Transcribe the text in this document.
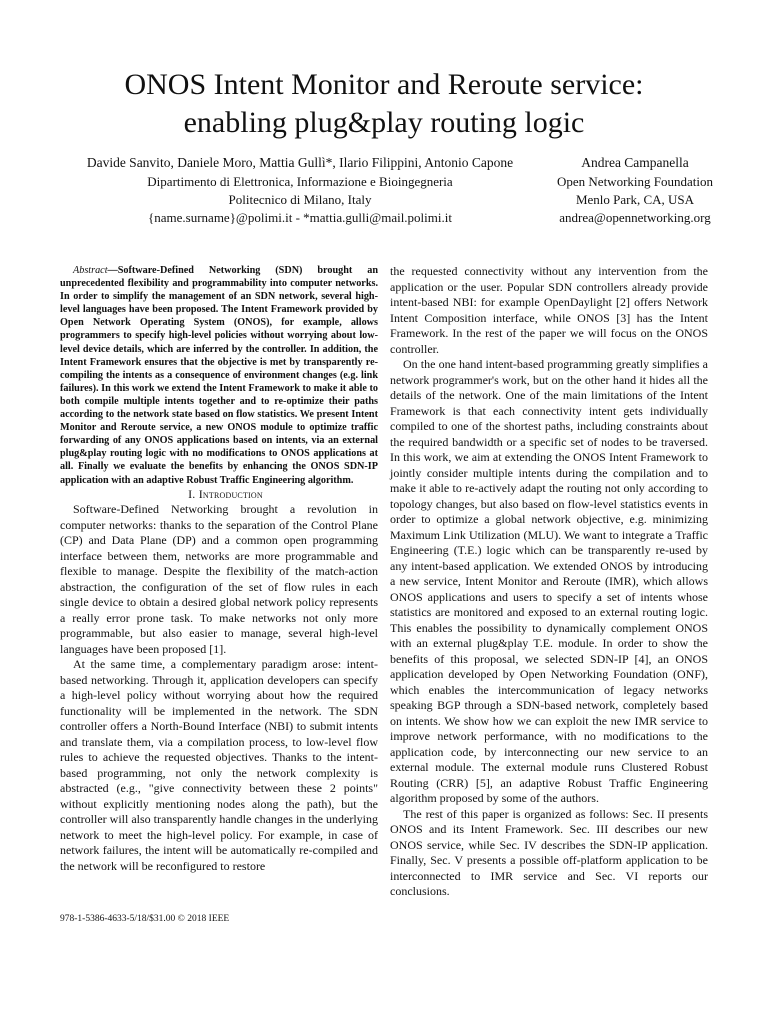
ONOS Intent Monitor and Reroute service:
enabling plug&play routing logic
Davide Sanvito, Daniele Moro, Mattia Gullì*, Ilario Filippini, Antonio Capone
Dipartimento di Elettronica, Informazione e Bioingegneria
Politecnico di Milano, Italy
{name.surname}@polimi.it - *mattia.gulli@mail.polimi.it
Andrea Campanella
Open Networking Foundation
Menlo Park, CA, USA
andrea@opennetworking.org

Abstract—Software-Defined Networking (SDN) brought an unprecedented flexibility and programmability into computer networks. In order to simplify the management of an SDN network, several high-level languages have been proposed. The Intent Framework provided by Open Network Operating System (ONOS), for example, allows programmers to specify high-level policies without worrying about low-level device details, which are inferred by the controller. In addition, the Intent Framework ensures that the objective is met by transparently re-compiling the intents as a consequence of environment changes (e.g. link failures). In this work we extend the Intent Framework to make it able to both compile multiple intents together and to re-optimize their paths according to the network state based on flow statistics. We present Intent Monitor and Reroute service, a new ONOS module to optimize traffic forwarding of any ONOS applications based on intents, via an external plug&play routing logic with no modifications to ONOS applications at all. Finally we evaluate the benefits by enhancing the ONOS SDN-IP application with an adaptive Robust Traffic Engineering algorithm.

I. Introduction

Software-Defined Networking brought a revolution in computer networks: thanks to the separation of the Control Plane (CP) and Data Plane (DP) and a common open programming interface between them, networks are more programmable and flexible to manage. Despite the flexibility of the match-action abstraction, the configuration of the set of flow rules in each single device to obtain a desired global network policy represents a really error prone task. To make networks not only more programmable, but also easier to manage, several high-level languages have been proposed [1].

At the same time, a complementary paradigm arose: intent-based networking. Through it, application developers can specify a high-level policy without worrying about how the required functionality will be implemented in the network. The SDN controller offers a North-Bound Interface (NBI) to submit intents and translate them, via a compilation process, to low-level flow rules to achieve the requested objectives. Thanks to the intent-based programming, not only the network complexity is abstracted (e.g., "give connectivity between these 2 points" without explicitly mentioning nodes along the path), but the controller will also transparently handle changes in the underlying network to meet the high-level policy. For example, in case of network failures, the intent will be automatically re-compiled and the network will be reconfigured to restore

the requested connectivity without any intervention from the application or the user. Popular SDN controllers already provide intent-based NBI: for example OpenDaylight [2] offers Network Intent Composition interface, while ONOS [3] has the Intent Framework. In the rest of the paper we will focus on the ONOS controller.

On the one hand intent-based programming greatly simplifies a network programmer's work, but on the other hand it hides all the details of the network. One of the main limitations of the Intent Framework is that each connectivity intent gets individually compiled to one of the shortest paths, including constraints about the required bandwidth or a specific set of nodes to be traversed. In this work, we aim at extending the ONOS Intent Framework to jointly consider multiple intents during the compilation and to make it able to re-actively adapt the routing not only according to topology changes, but also based on flow-level statistics events in order to optimize a global network objective, e.g. minimizing Maximum Link Utilization (MLU). We want to integrate a Traffic Engineering (T.E.) logic which can be transparently re-used by any intent-based application. We extended ONOS by introducing a new service, Intent Monitor and Reroute (IMR), which allows ONOS applications and users to specify a set of intents whose statistics are monitored and exposed to an external routing logic. This enables the possibility to dynamically complement ONOS with an external plug&play T.E. module. In order to show the benefits of this proposal, we selected SDN-IP [4], an ONOS application developed by Open Networking Foundation (ONF), which enables the intercommunication of legacy networks speaking BGP through a SDN-based network, completely based on intents. We show how we can exploit the new IMR service to improve network performance, with no modifications to the application code, by interconnecting our new service to an external module. The external module runs Clustered Robust Routing (CRR) [5], an adaptive Robust Traffic Engineering algorithm proposed by some of the authors.

The rest of this paper is organized as follows: Sec. II presents ONOS and its Intent Framework. Sec. III describes our new ONOS service, while Sec. IV describes the SDN-IP application. Finally, Sec. V presents a possible off-platform application to be interconnected to IMR service and Sec. VI reports our conclusions.

978-1-5386-4633-5/18/$31.00 © 2018 IEEE
